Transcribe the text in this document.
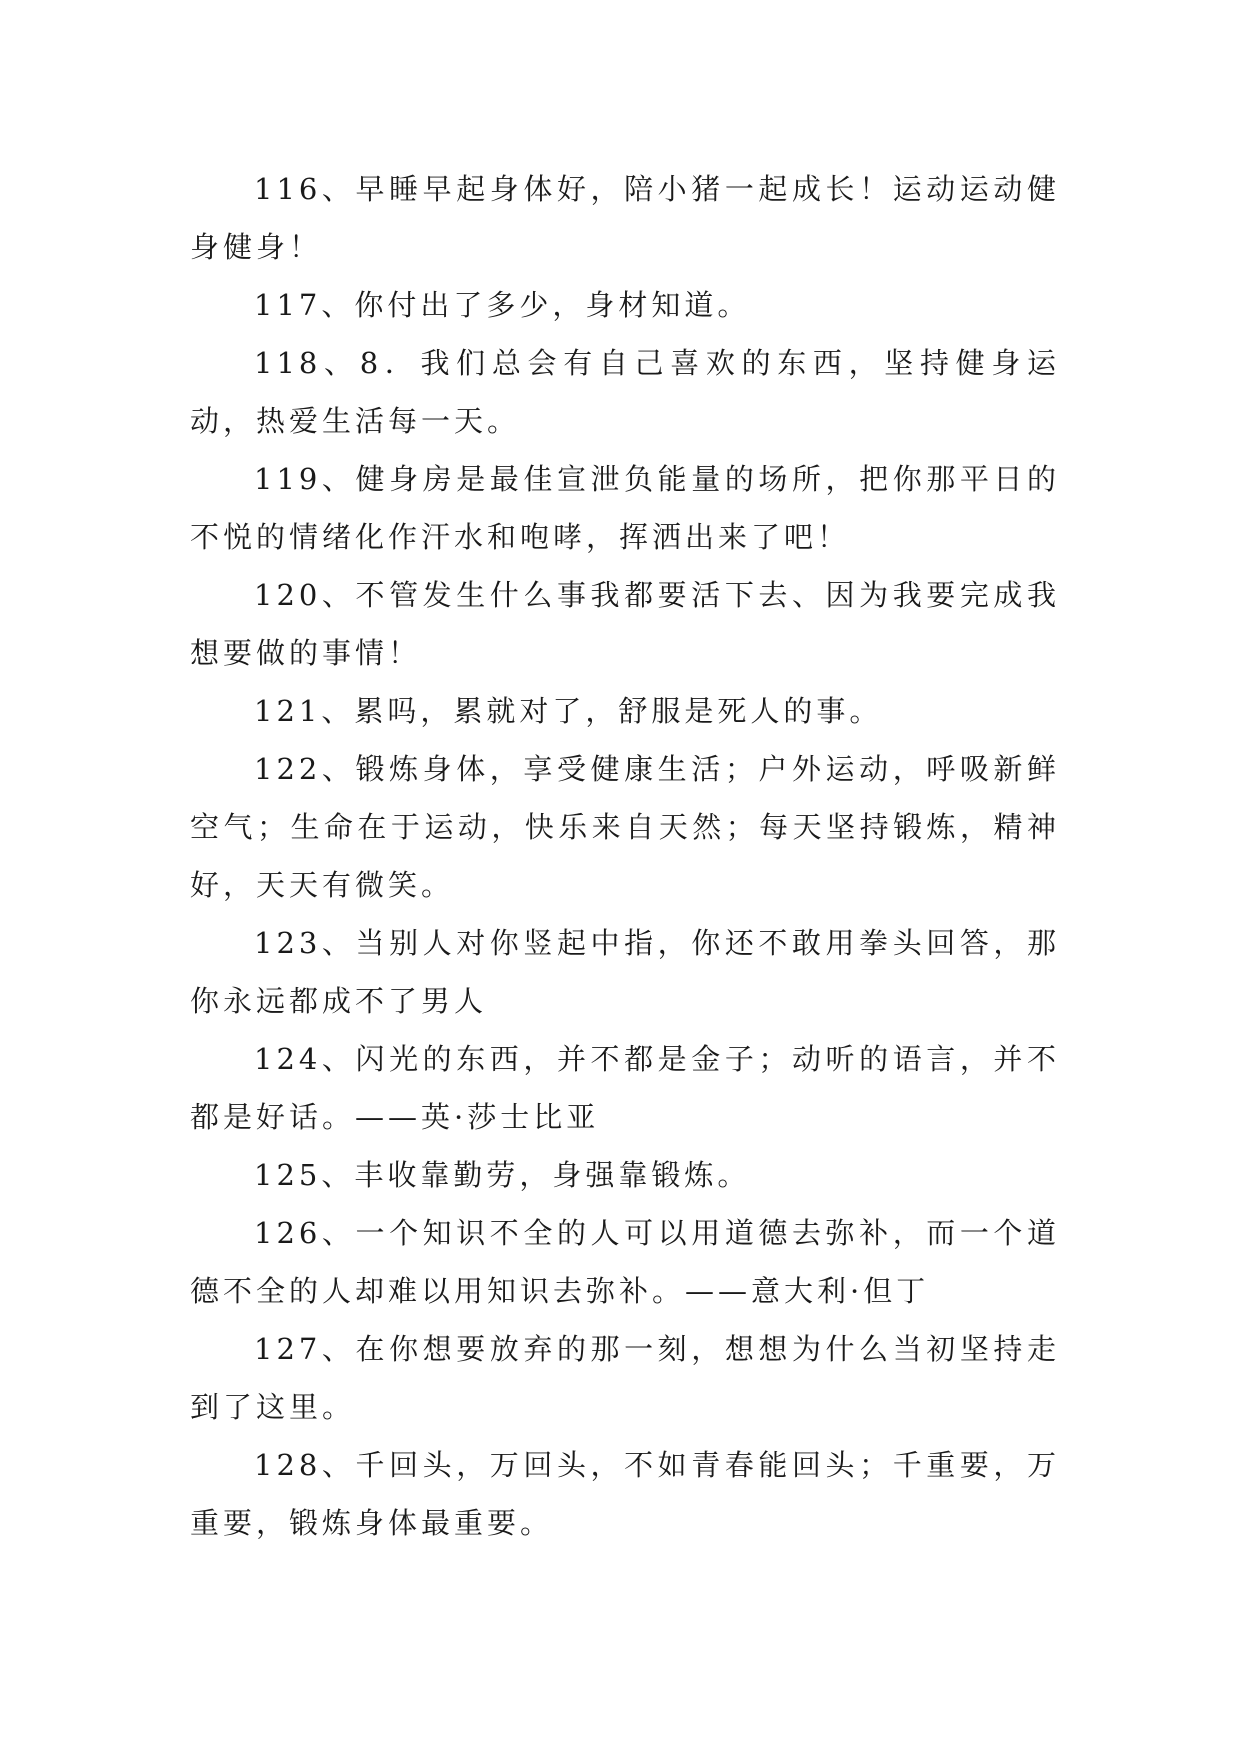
116、早睡早起身体好，陪小猪一起成长！运动运动健身健身！

117、你付出了多少，身材知道。

118、8．我们总会有自己喜欢的东西，坚持健身运动，热爱生活每一天。

119、健身房是最佳宣泄负能量的场所，把你那平日的不悦的情绪化作汗水和咆哮，挥洒出来了吧！

120、不管发生什么事我都要活下去、因为我要完成我想要做的事情！

121、累吗，累就对了，舒服是死人的事。

122、锻炼身体，享受健康生活；户外运动，呼吸新鲜空气；生命在于运动，快乐来自天然；每天坚持锻炼，精神好，天天有微笑。

123、当别人对你竖起中指，你还不敢用拳头回答，那你永远都成不了男人

124、闪光的东西，并不都是金子；动听的语言，并不都是好话。——英·莎士比亚

125、丰收靠勤劳，身强靠锻炼。

126、一个知识不全的人可以用道德去弥补，而一个道德不全的人却难以用知识去弥补。——意大利·但丁

127、在你想要放弃的那一刻，想想为什么当初坚持走到了这里。

128、千回头，万回头，不如青春能回头；千重要，万重要，锻炼身体最重要。
